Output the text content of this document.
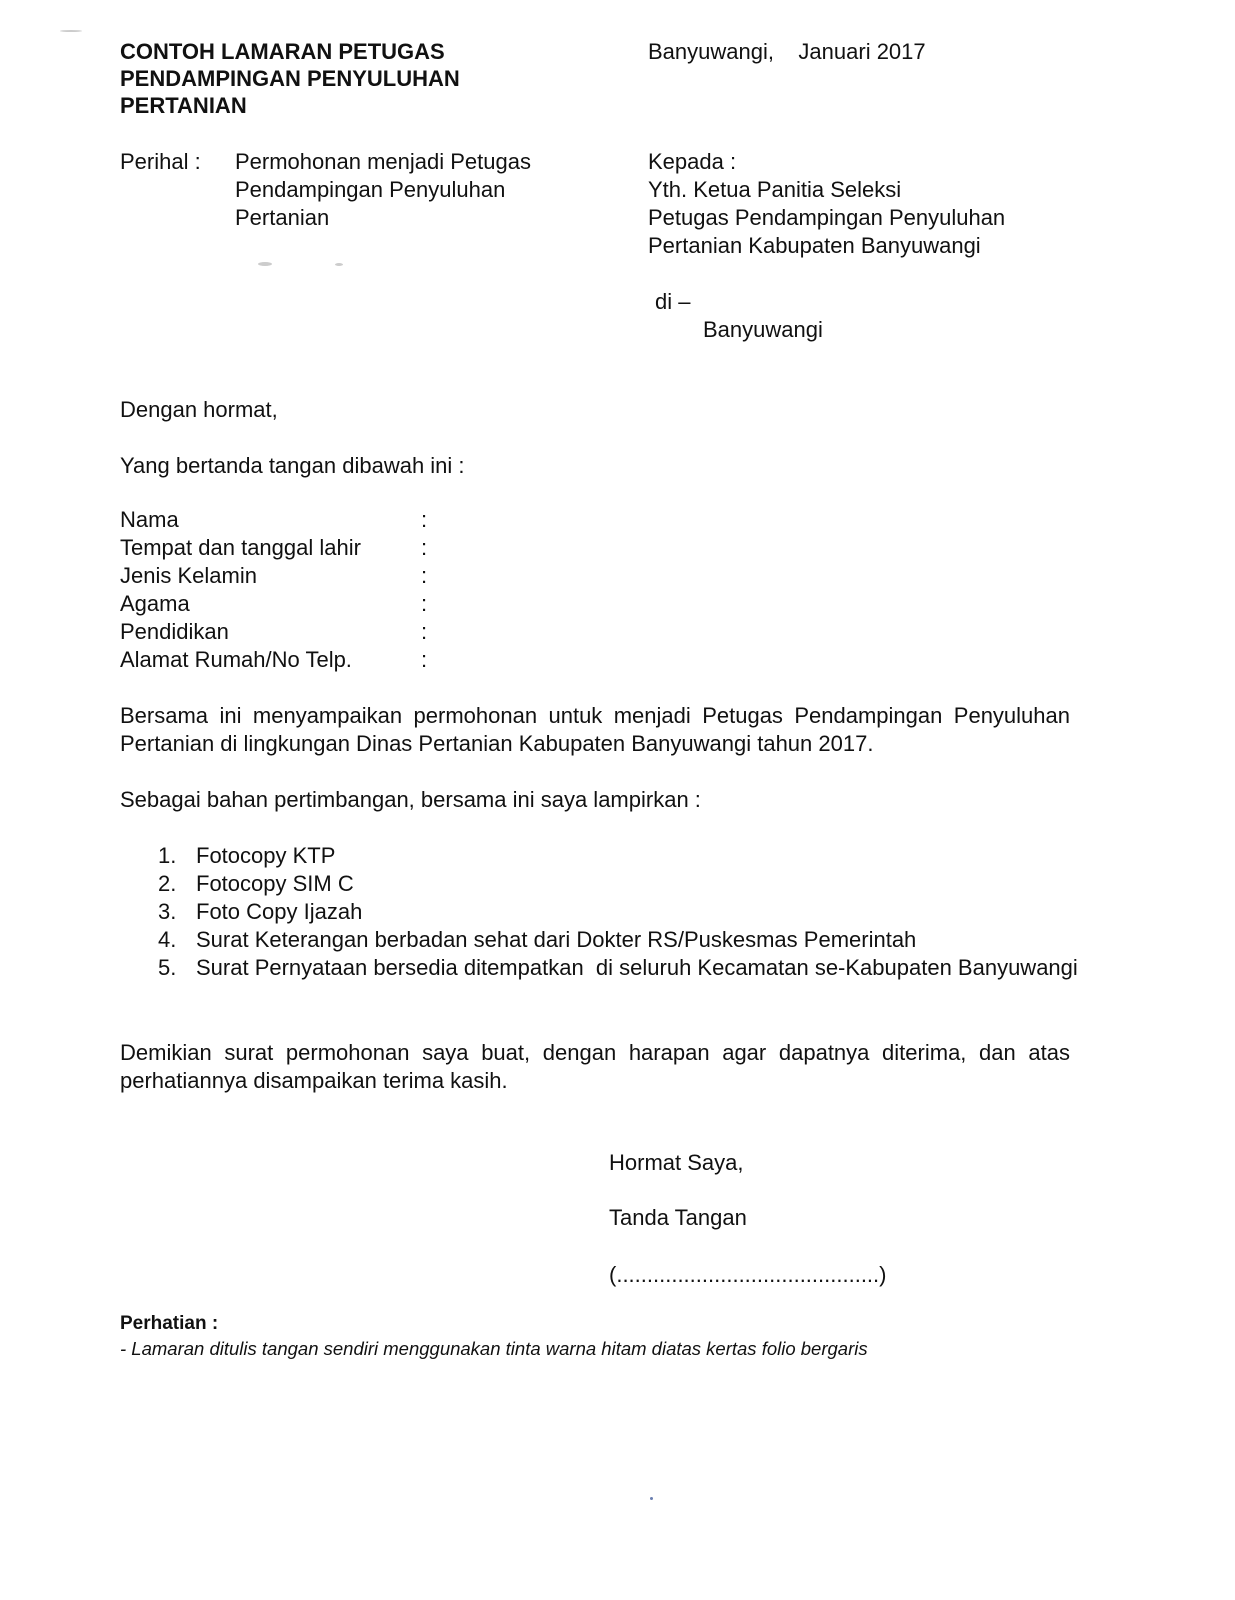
CONTOH LAMARAN PETUGAS
PENDAMPINGAN PENYULUHAN
PERTANIAN
Banyuwangi,    Januari 2017
Perihal : Permohonan menjadi Petugas
Pendampingan Penyuluhan
Pertanian
Kepada :
Yth. Ketua Panitia Seleksi
Petugas Pendampingan Penyuluhan
Pertanian Kabupaten Banyuwangi
di –
Banyuwangi
Dengan hormat,
Yang bertanda tangan dibawah ini :
Nama	:
Tempat dan tanggal lahir	:
Jenis Kelamin	:
Agama	:
Pendidikan	:
Alamat Rumah/No Telp.	:
Bersama ini menyampaikan permohonan untuk menjadi Petugas Pendampingan Penyuluhan Pertanian di lingkungan Dinas Pertanian Kabupaten Banyuwangi tahun 2017.
Sebagai bahan pertimbangan, bersama ini saya lampirkan :
1. Fotocopy KTP
2. Fotocopy SIM C
3. Foto Copy Ijazah
4. Surat Keterangan berbadan sehat dari Dokter RS/Puskesmas Pemerintah
5. Surat Pernyataan bersedia ditempatkan  di seluruh Kecamatan se-Kabupaten Banyuwangi
Demikian surat permohonan saya buat, dengan harapan agar dapatnya diterima, dan atas perhatiannya disampaikan terima kasih.
Hormat Saya,
Tanda Tangan
(...........................................)
Perhatian :
- Lamaran ditulis tangan sendiri menggunakan tinta warna hitam diatas kertas folio bergaris
